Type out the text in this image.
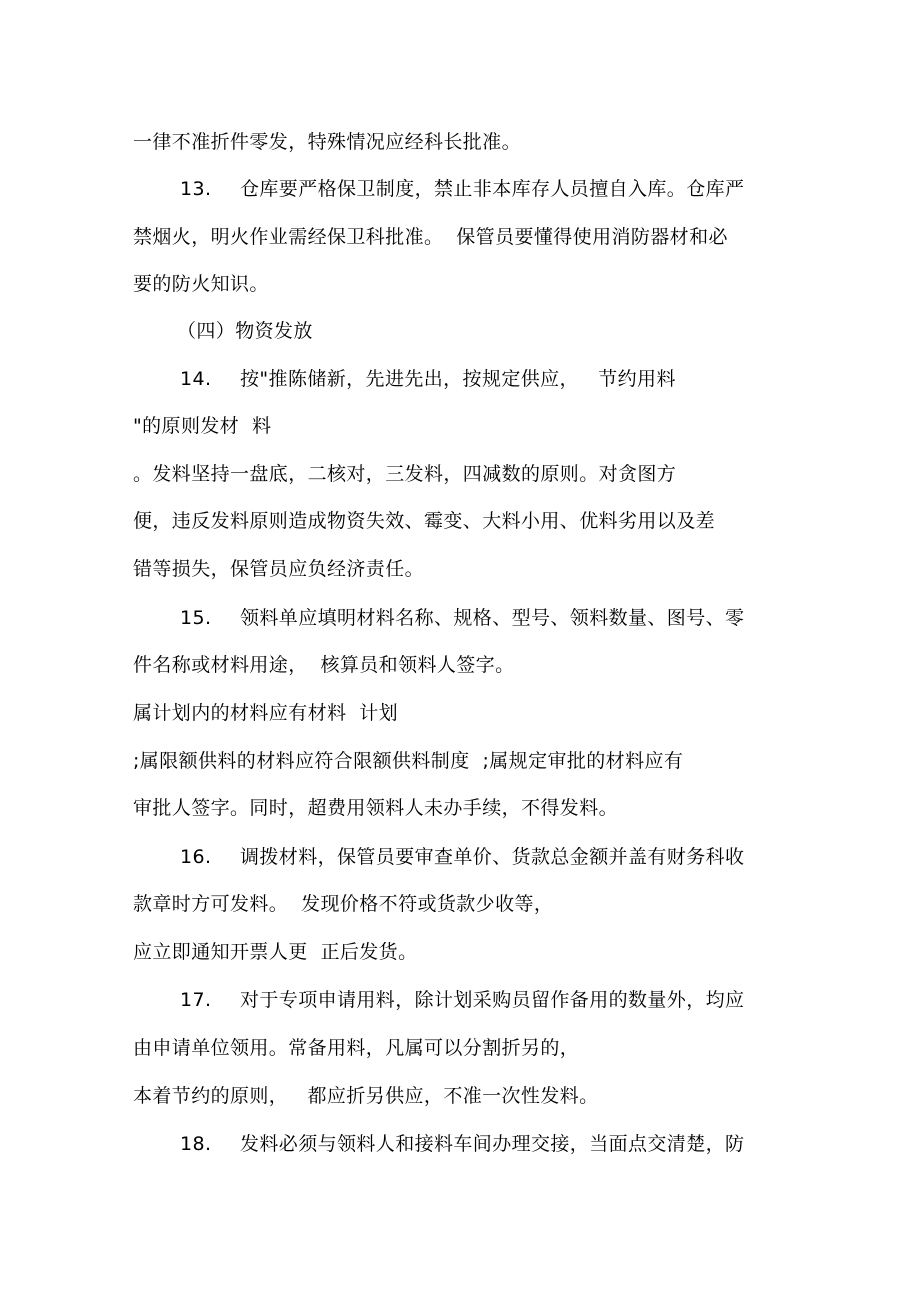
一律不准折件零发，特殊情况应经科长批准。
13. 仓库要严格保卫制度，禁止非本库存人员擅自入库。仓库严
禁烟火，明火作业需经保卫科批准。  保管员要懂得使用消防器材和必
要的防火知识。
（四）物资发放
14. 按"推陈储新，先进先出，按规定供应，   节约用料
"的原则发材  料
。发料坚持一盘底，二核对，三发料，四减数的原则。对贪图方
便，违反发料原则造成物资失效、霉变、大料小用、优料劣用以及差
错等损失，保管员应负经济责任。
15. 领料单应填明材料名称、规格、型号、领料数量、图号、零
件名称或材料用途，  核算员和领料人签字。
属计划内的材料应有材料  计划
;属限额供料的材料应符合限额供料制度  ;属规定审批的材料应有
审批人签字。同时，超费用领料人未办手续，不得发料。
16. 调拨材料，保管员要审查单价、货款总金额并盖有财务科收
款章时方可发料。  发现价格不符或货款少收等，
应立即通知开票人更  正后发货。
17. 对于专项申请用料，除计划采购员留作备用的数量外，均应
由申请单位领用。常备用料，凡属可以分割折另的，
本着节约的原则，   都应折另供应，不准一次性发料。
18. 发料必须与领料人和接料车间办理交接，当面点交清楚，防
